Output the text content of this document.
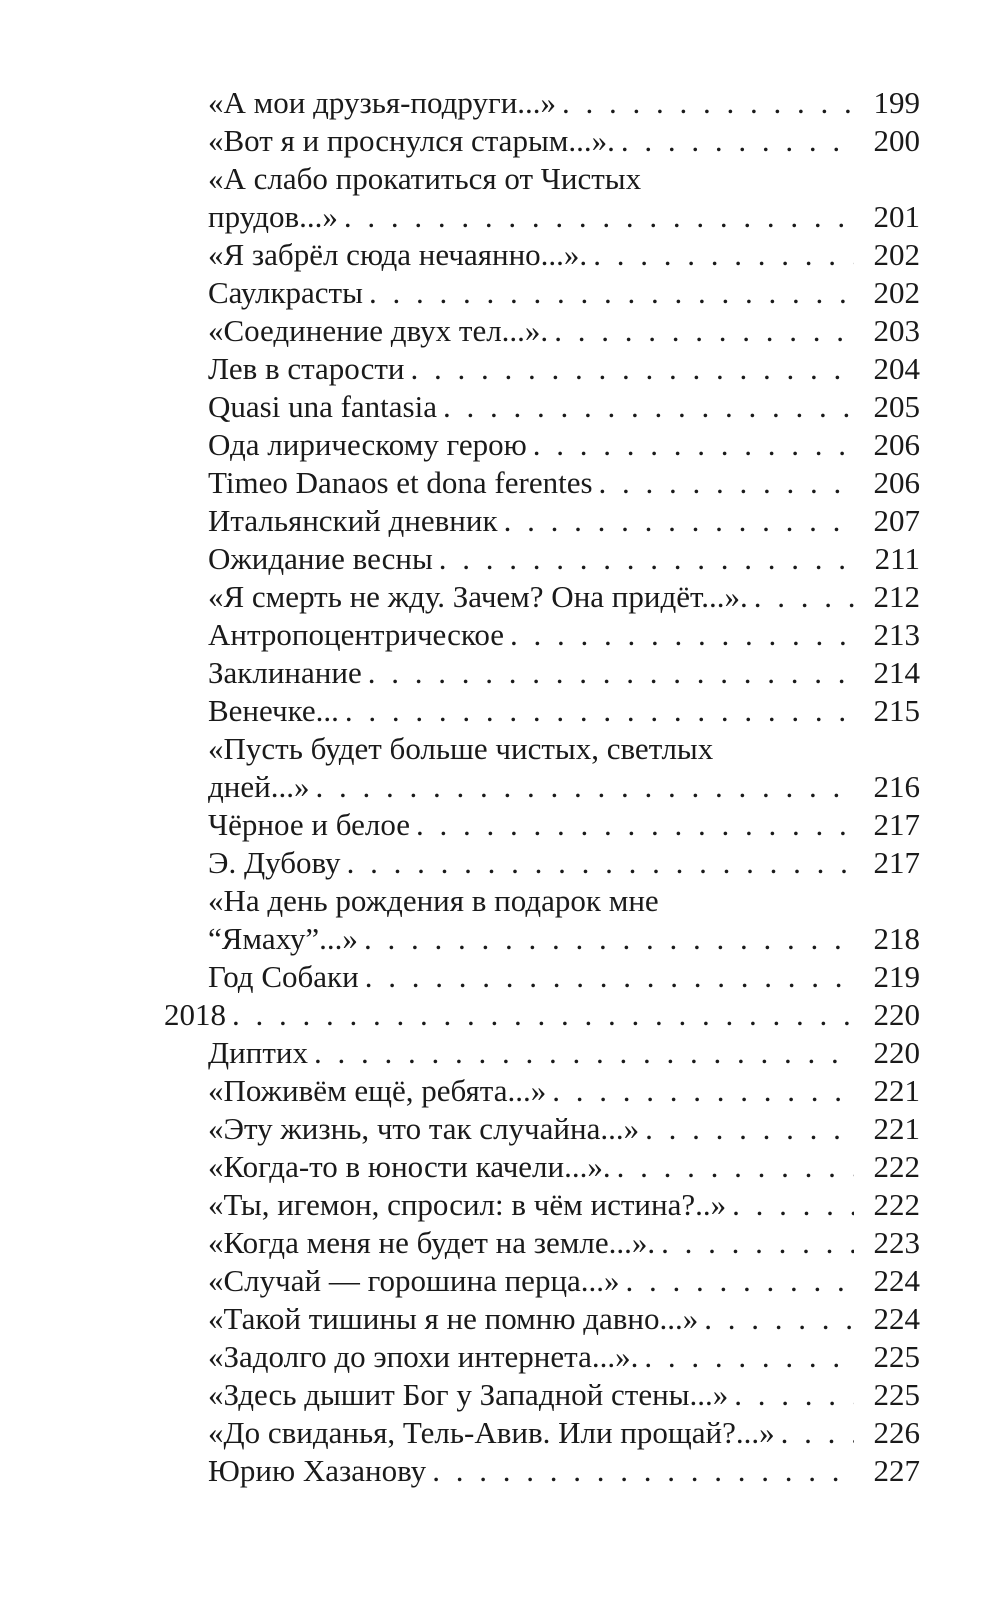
«А мои друзья-подруги...» . . .	199
«Вот я и проснулся старым...». . . .	200
«А слабо прокатиться от Чистых
прудов...» . . .	201
«Я забрёл сюда нечаянно...». . . .	202
Саулкрасты . . .	202
«Соединение двух тел...». . . .	203
Лев в старости . . .	204
Quasi una fantasia . . .	205
Ода лирическому герою . . .	206
Timeo Danaos et dona ferentes . . .	206
Итальянский дневник . . .	207
Ожидание весны . . .	211
«Я смерть не жду. Зачем? Она придёт...». . . .	212
Антропоцентрическое . . .	213
Заклинание . . .	214
Венечке... . . .	215
«Пусть будет больше чистых, светлых
дней...» . . .	216
Чёрное и белое . . .	217
Э. Дубову . . .	217
«На день рождения в подарок мне
“Ямаху”...» . . .	218
Год Собаки . . .	219
2018 . . .	220
Диптих . . .	220
«Поживём ещё, ребята...» . . .	221
«Эту жизнь, что так случайна...» . . .	221
«Когда-то в юности качели...». . . .	222
«Ты, игемон, спросил: в чём истина?..» . . .	222
«Когда меня не будет на земле...». . . .	223
«Случай — горошина перца...» . . .	224
«Такой тишины я не помню давно...» . . .	224
«Задолго до эпохи интернета...». . . .	225
«Здесь дышит Бог у Западной стены...» . . .	225
«До свиданья, Тель-Авив. Или прощай?...» . . .	226
Юрию Хазанову . . .	227
